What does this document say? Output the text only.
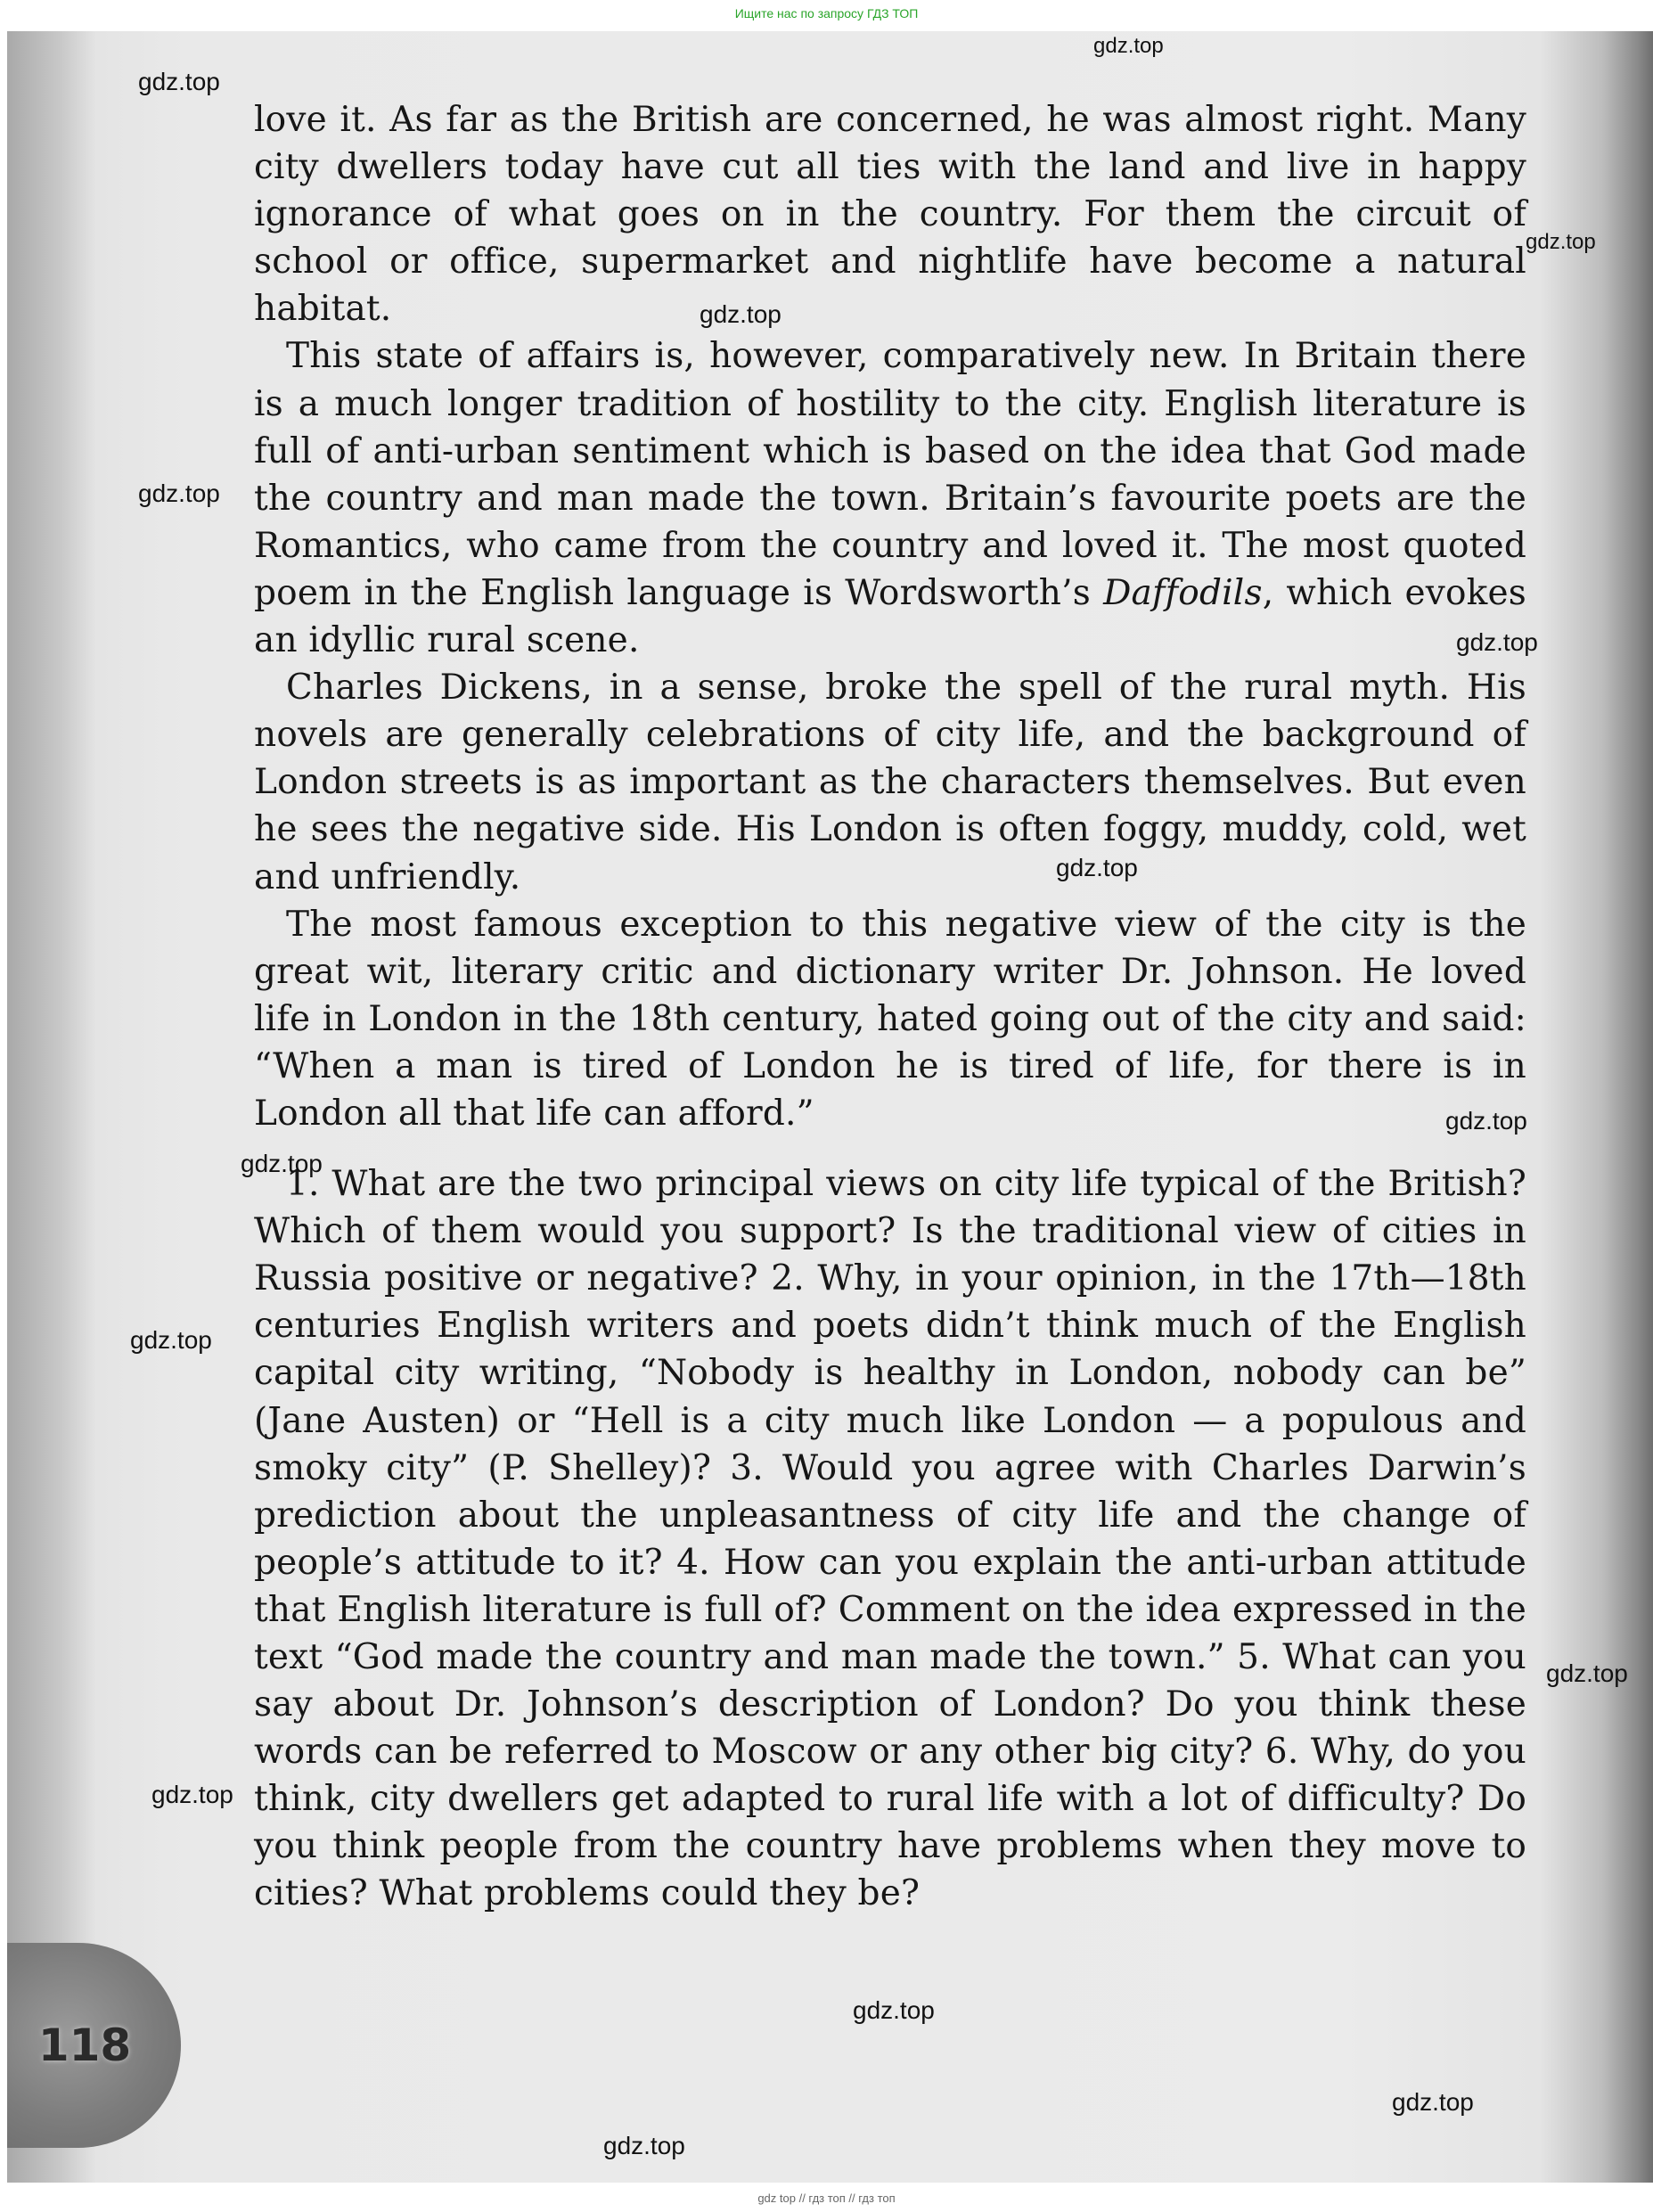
Ищите нас по запросу ГДЗ ТОП
118

love it. As far as the British are concerned, he was almost right. Many city dwellers today have cut all ties with the land and live in happy ignorance of what goes on in the country. For them the circuit of school or office, supermarket and nightlife have become a natural habitat.

This state of affairs is, however, comparatively new. In Britain there is a much longer tradition of hostility to the city. English literature is full of anti-urban sentiment which is based on the idea that God made the country and man made the town. Britain’s favourite poets are the Romantics, who came from the country and loved it. The most quoted poem in the English language is Wordsworth’s Daffodils, which evokes an idyllic rural scene.

Charles Dickens, in a sense, broke the spell of the rural myth. His novels are generally celebrations of city life, and the background of London streets is as important as the characters themselves. But even he sees the negative side. His London is often foggy, muddy, cold, wet and unfriendly.

The most famous exception to this negative view of the city is the great wit, literary critic and dictionary writer Dr. Johnson. He loved life in London in the 18th century, hated going out of the city and said: “When a man is tired of London he is tired of life, for there is in London all that life can afford.”

1. What are the two principal views on city life typical of the British? Which of them would you support? Is the traditional view of cities in Russia positive or negative? 2. Why, in your opinion, in the 17th—18th centuries English writers and poets didn’t think much of the English capital city writing, “Nobody is healthy in London, nobody can be” (Jane Austen) or “Hell is a city much like London — a populous and smoky city” (P. Shelley)? 3. Would you agree with Charles Darwin’s prediction about the unpleasantness of city life and the change of people’s attitude to it? 4. How can you explain the anti-urban attitude that English literature is full of? Comment on the idea expressed in the text “God made the country and man made the town.” 5. What can you say about Dr. Johnson’s description of London? Do you think these words can be referred to Moscow or any other big city? 6. Why, do you think, city dwellers get adapted to rural life with a lot of difficulty? Do you think people from the country have problems when they move to cities? What problems could they be?

gdz.top
gdz.top
gdz.top
gdz.top
gdz.top
gdz.top
gdz.top
gdz.top
gdz.top
gdz.top
gdz.top
gdz.top
gdz.top
gdz.top
gdz.top
gdz top // гдз топ // гдз топ
